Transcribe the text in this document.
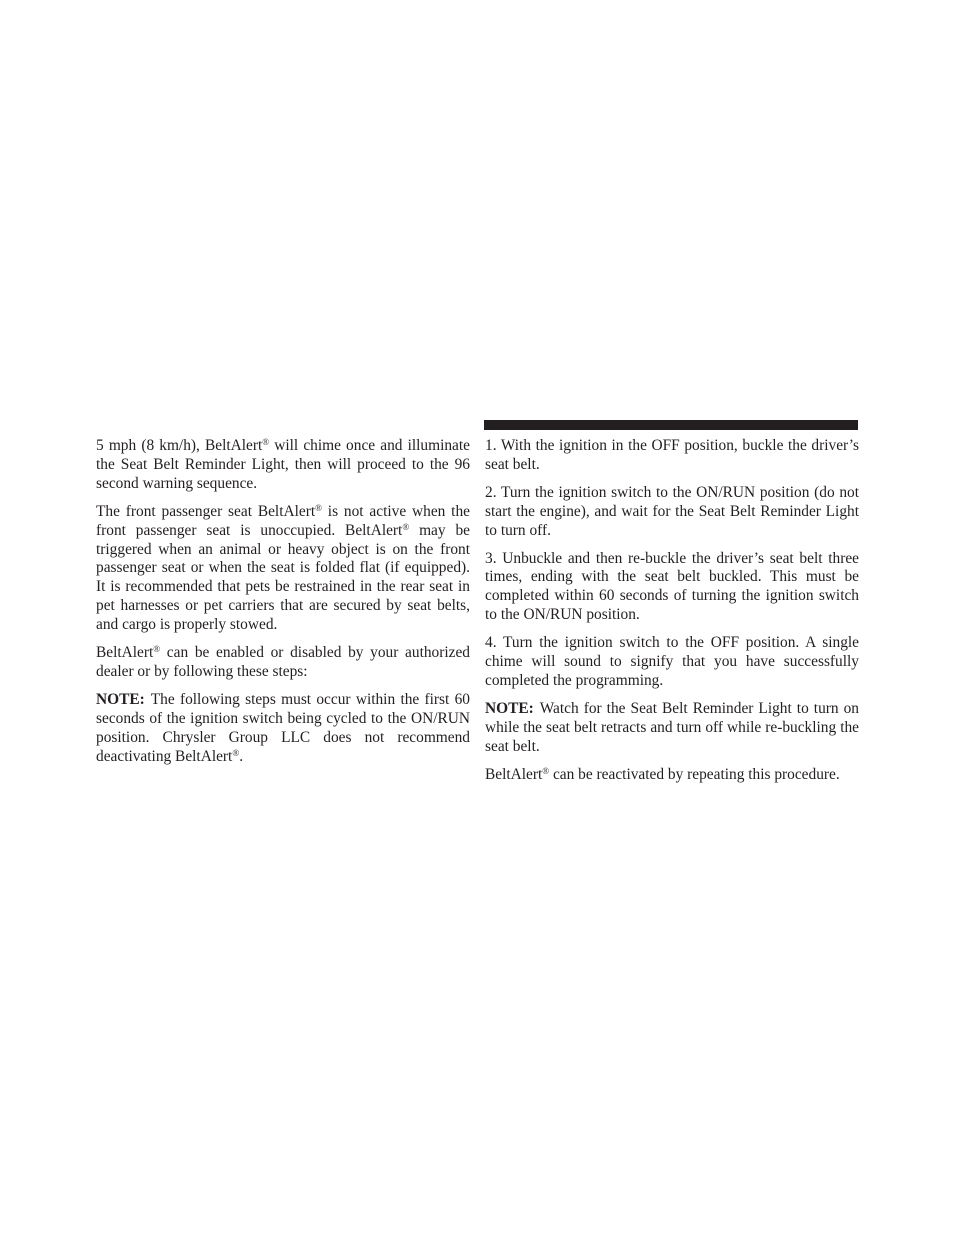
5 mph (8 km/h), BeltAlert® will chime once and illuminate the Seat Belt Reminder Light, then will proceed to the 96 second warning sequence.

The front passenger seat BeltAlert® is not active when the front passenger seat is unoccupied. BeltAlert® may be triggered when an animal or heavy object is on the front passenger seat or when the seat is folded flat (if equipped). It is recommended that pets be restrained in the rear seat in pet harnesses or pet carriers that are secured by seat belts, and cargo is properly stowed.

BeltAlert® can be enabled or disabled by your authorized dealer or by following these steps:

NOTE: The following steps must occur within the first 60 seconds of the ignition switch being cycled to the ON/RUN position. Chrysler Group LLC does not recommend deactivating BeltAlert®.

1. With the ignition in the OFF position, buckle the driver’s seat belt.

2. Turn the ignition switch to the ON/RUN position (do not start the engine), and wait for the Seat Belt Reminder Light to turn off.

3. Unbuckle and then re-buckle the driver’s seat belt three times, ending with the seat belt buckled. This must be completed within 60 seconds of turning the ignition switch to the ON/RUN position.

4. Turn the ignition switch to the OFF position. A single chime will sound to signify that you have successfully completed the programming.

NOTE: Watch for the Seat Belt Reminder Light to turn on while the seat belt retracts and turn off while re-buckling the seat belt.

BeltAlert® can be reactivated by repeating this procedure.
